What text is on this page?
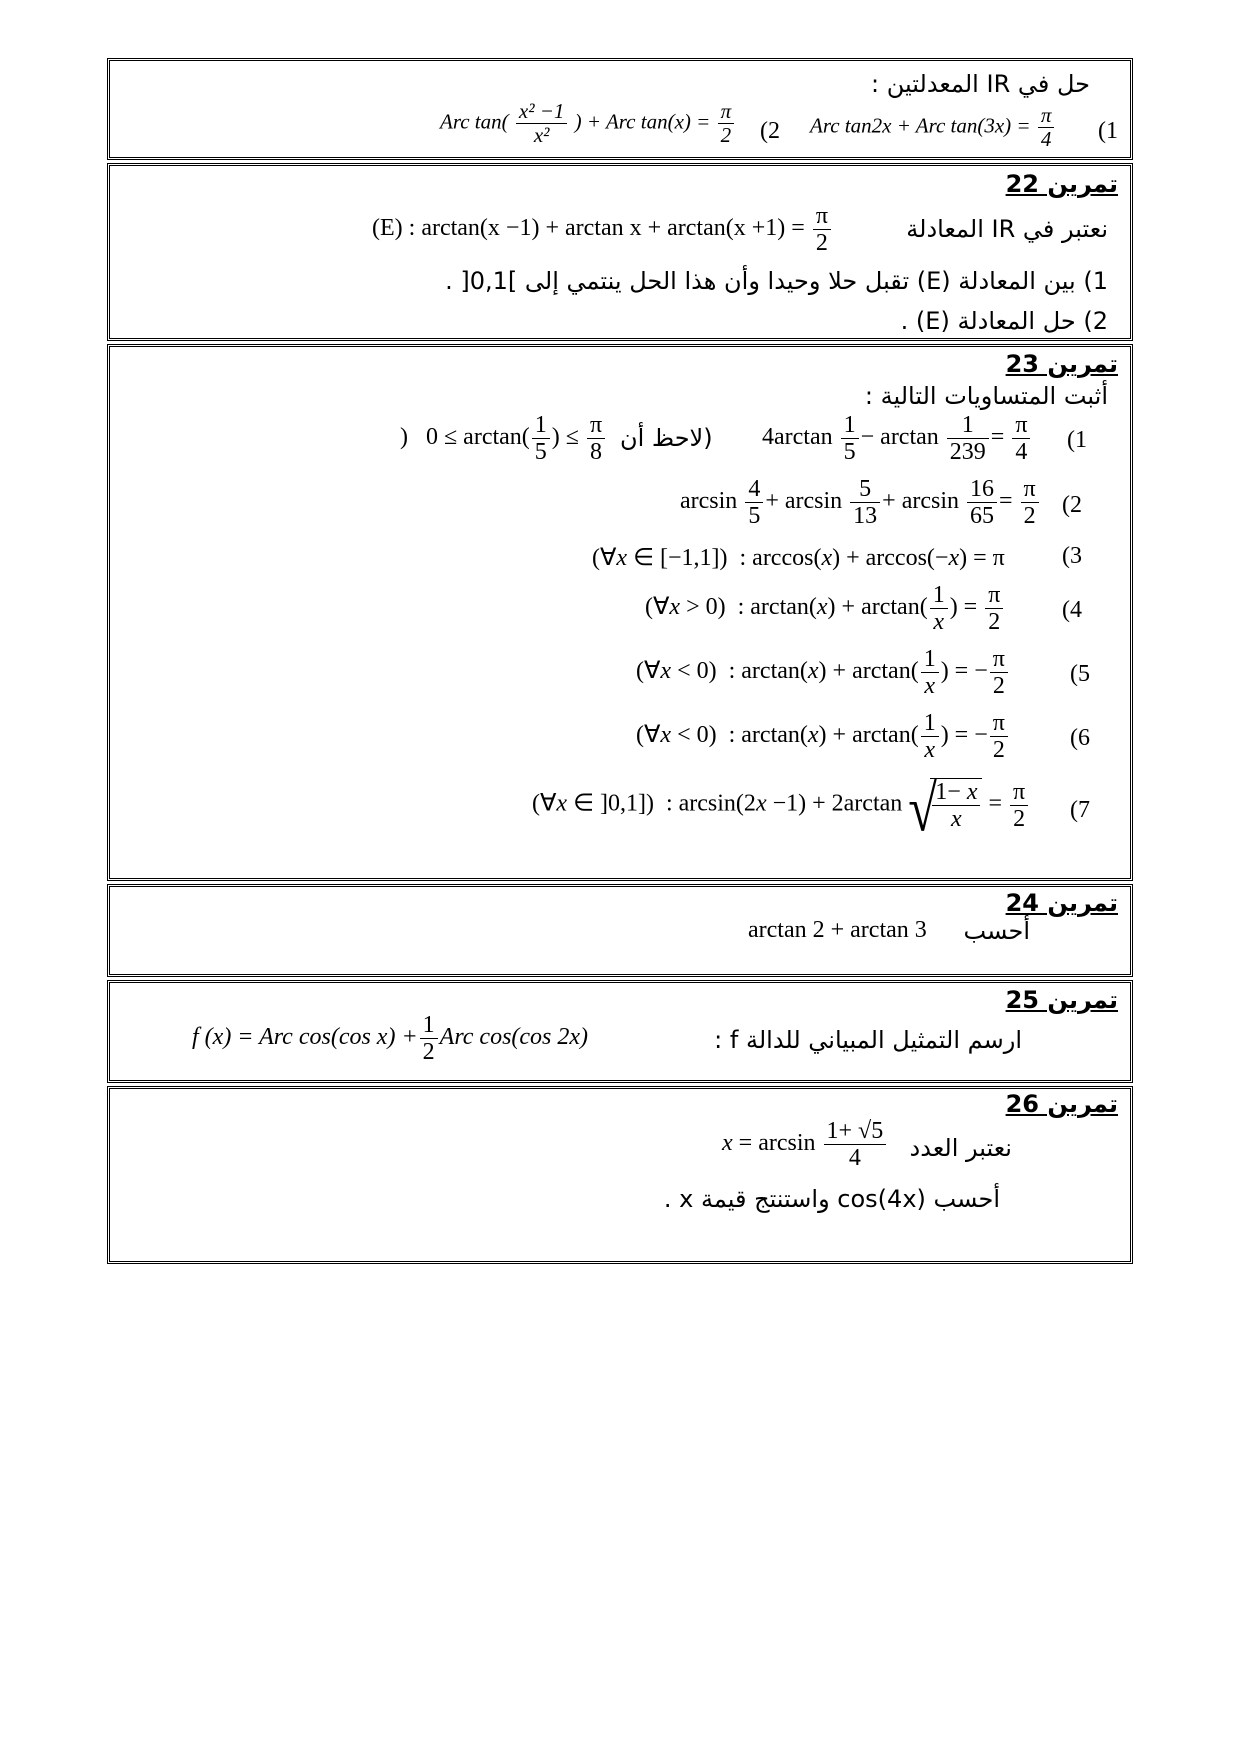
حل في IR المعدلتين :
(1
Arc tan2x + Arc $\tan(3x) = \frac{\pi}{4}$
(2
Arc $\tan( \frac{\text{x² −1}}{\text{x²}}$ ) + Arc $\tan(x) = \frac{\pi}{2}$
تمرين 22
نعتبر في IR المعادلة
(E) : $\arctan(x -1) + \arctan x + \arctan(x +1) = \frac{\pi}{2}$
1) بين المعادلة (E) تقبل حلا وحيدا وأن هذا الحل ينتمي إلى ]0,1[ .
2) حل المعادلة (E) .
تمرين 23
أثبت المتساويات التالية :
(1
$4\arctan \frac{1}{5} - \arctan \frac{1}{239} = \frac{\pi}{4}$
(لاحظ أن
)   $0 \le \arctan( \frac{1}{5}$ ) ≤ $\frac{\pi}{8}$
(2
$\arcsin \frac{4}{5} + \arcsin \frac{5}{13} + \arcsin \frac{16}{65} = \frac{\pi}{2}$
(3
(∀x ∈ [−1,1])  : arccos(x) + arccos(−x) = π
(4
(∀x > 0)  : $\arctan(x) + \arctan( \frac{1}{x}$ ) = $\frac{\pi}{2}$
(5
(∀x < 0)  : $\arctan(x) + \arctan( \frac{1}{x}$ ) = − $\frac{\pi}{2}$
(6
(∀x < 0)  : $\arctan(x) + \arctan( \frac{1}{x}$ ) = − $\frac{\pi}{2}$
(7
(∀x ∈ ]0,1])  : arcsin(2x −1) + 2arctan √
$\frac{1- x}{x} = \frac{\pi}{2}$
تمرين 24
أحسب
arctan 2 + arctan 3
تمرين 25
ارسم التمثيل المبياني للدالة f :
f (x) = Arc cos(cos $x) + \frac{1}{2}$ Arc cos(cos 2x)
تمرين 26
نعتبر العدد
$x = \arcsin \frac{1+ √5}{4}$
أحسب cos(4x) واستنتج قيمة x .
